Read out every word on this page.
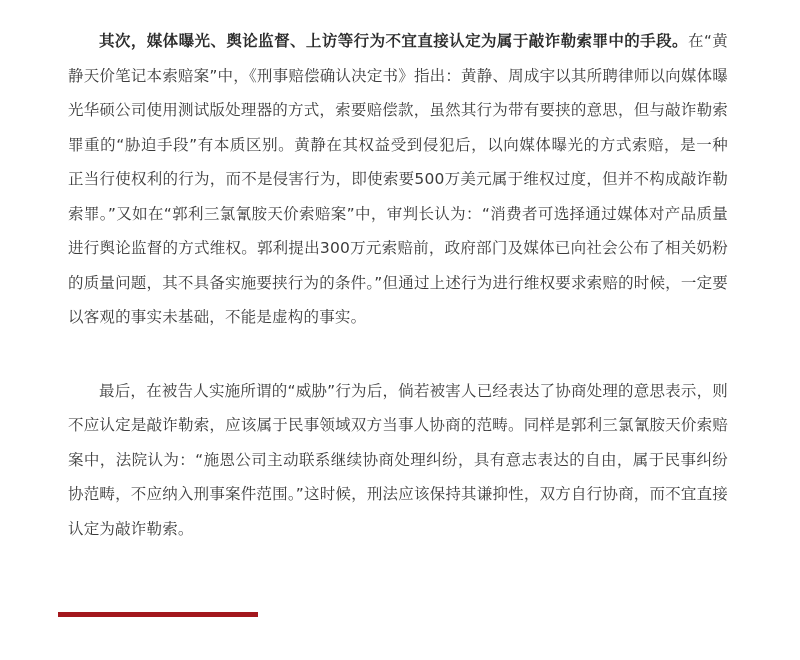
其次，媒体曝光、舆论监督、上访等行为不宜直接认定为属于敲诈勒索罪中的手段。在“黄静天价笔记本索赔案”中，《刑事赔偿确认决定书》指出：黄静、周成宇以其所聘律师以向媒体曝光华硕公司使用测试版处理器的方式，索要赔偿款，虽然其行为带有要挟的意思，但与敲诈勒索罪重的“胁迫手段”有本质区别。黄静在其权益受到侵犯后，以向媒体曝光的方式索赔，是一种正当行使权利的行为，而不是侵害行为，即使索要500万美元属于维权过度，但并不构成敲诈勒索罪。”又如在“郭利三氯氰胺天价索赔案”中，审判长认为：“消费者可选择通过媒体对产品质量进行舆论监督的方式维权。郭利提出300万元索赔前，政府部门及媒体已向社会公布了相关奶粉的质量问题，其不具备实施要挟行为的条件。”但通过上述行为进行维权要求索赔的时候，一定要以客观的事实未基础，不能是虚构的事实。

最后，在被告人实施所谓的“威胁”行为后，倘若被害人已经表达了协商处理的意思表示，则不应认定是敲诈勒索，应该属于民事领域双方当事人协商的范畴。同样是郭利三氯氰胺天价索赔案中，法院认为：“施恩公司主动联系继续协商处理纠纷，具有意志表达的自由，属于民事纠纷协范畴，不应纳入刑事案件范围。”这时候，刑法应该保持其谦抑性，双方自行协商，而不宜直接认定为敲诈勒索。
